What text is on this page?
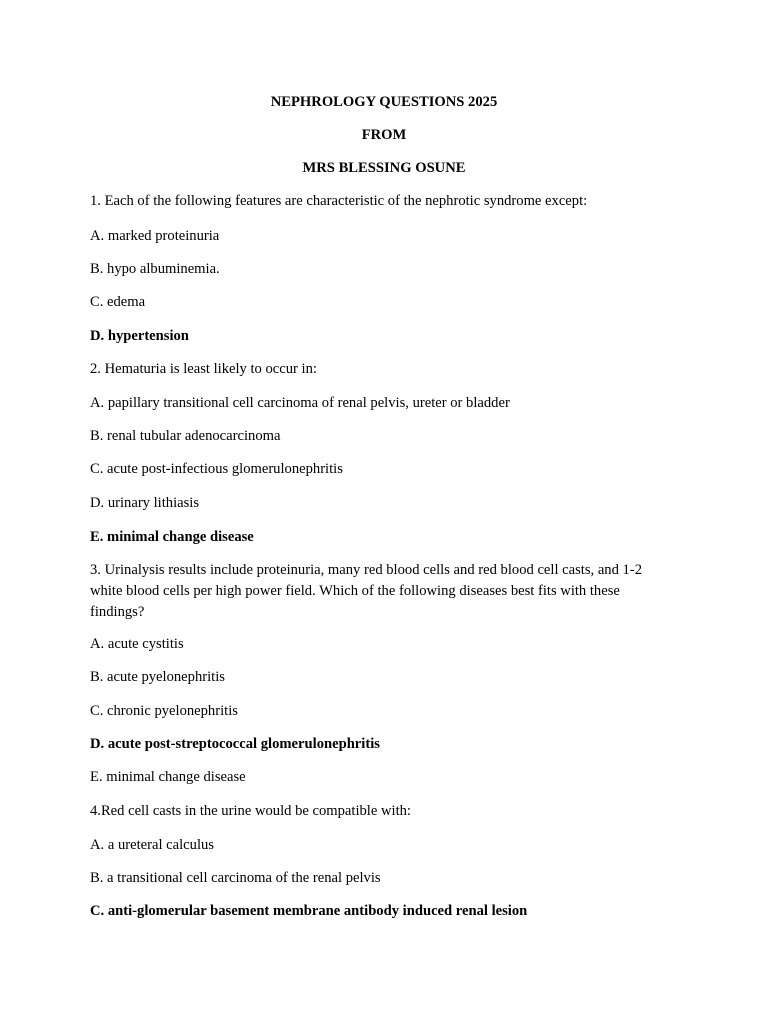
NEPHROLOGY QUESTIONS 2025
FROM
MRS BLESSING OSUNE
1. Each of the following features are characteristic of the nephrotic syndrome except:
A. marked proteinuria
B. hypo albuminemia.
C. edema
D. hypertension
2. Hematuria is least likely to occur in:
A. papillary transitional cell carcinoma of renal pelvis, ureter or bladder
B. renal tubular adenocarcinoma
C. acute post-infectious glomerulonephritis
D. urinary lithiasis
E. minimal change disease
3. Urinalysis results include proteinuria, many red blood cells and red blood cell casts, and 1-2 white blood cells per high power field. Which of the following diseases best fits with these findings?
A. acute cystitis
B. acute pyelonephritis
C. chronic pyelonephritis
D. acute post-streptococcal glomerulonephritis
E. minimal change disease
4.Red cell casts in the urine would be compatible with:
A. a ureteral calculus
B. a transitional cell carcinoma of the renal pelvis
C. anti-glomerular basement membrane antibody induced renal lesion
